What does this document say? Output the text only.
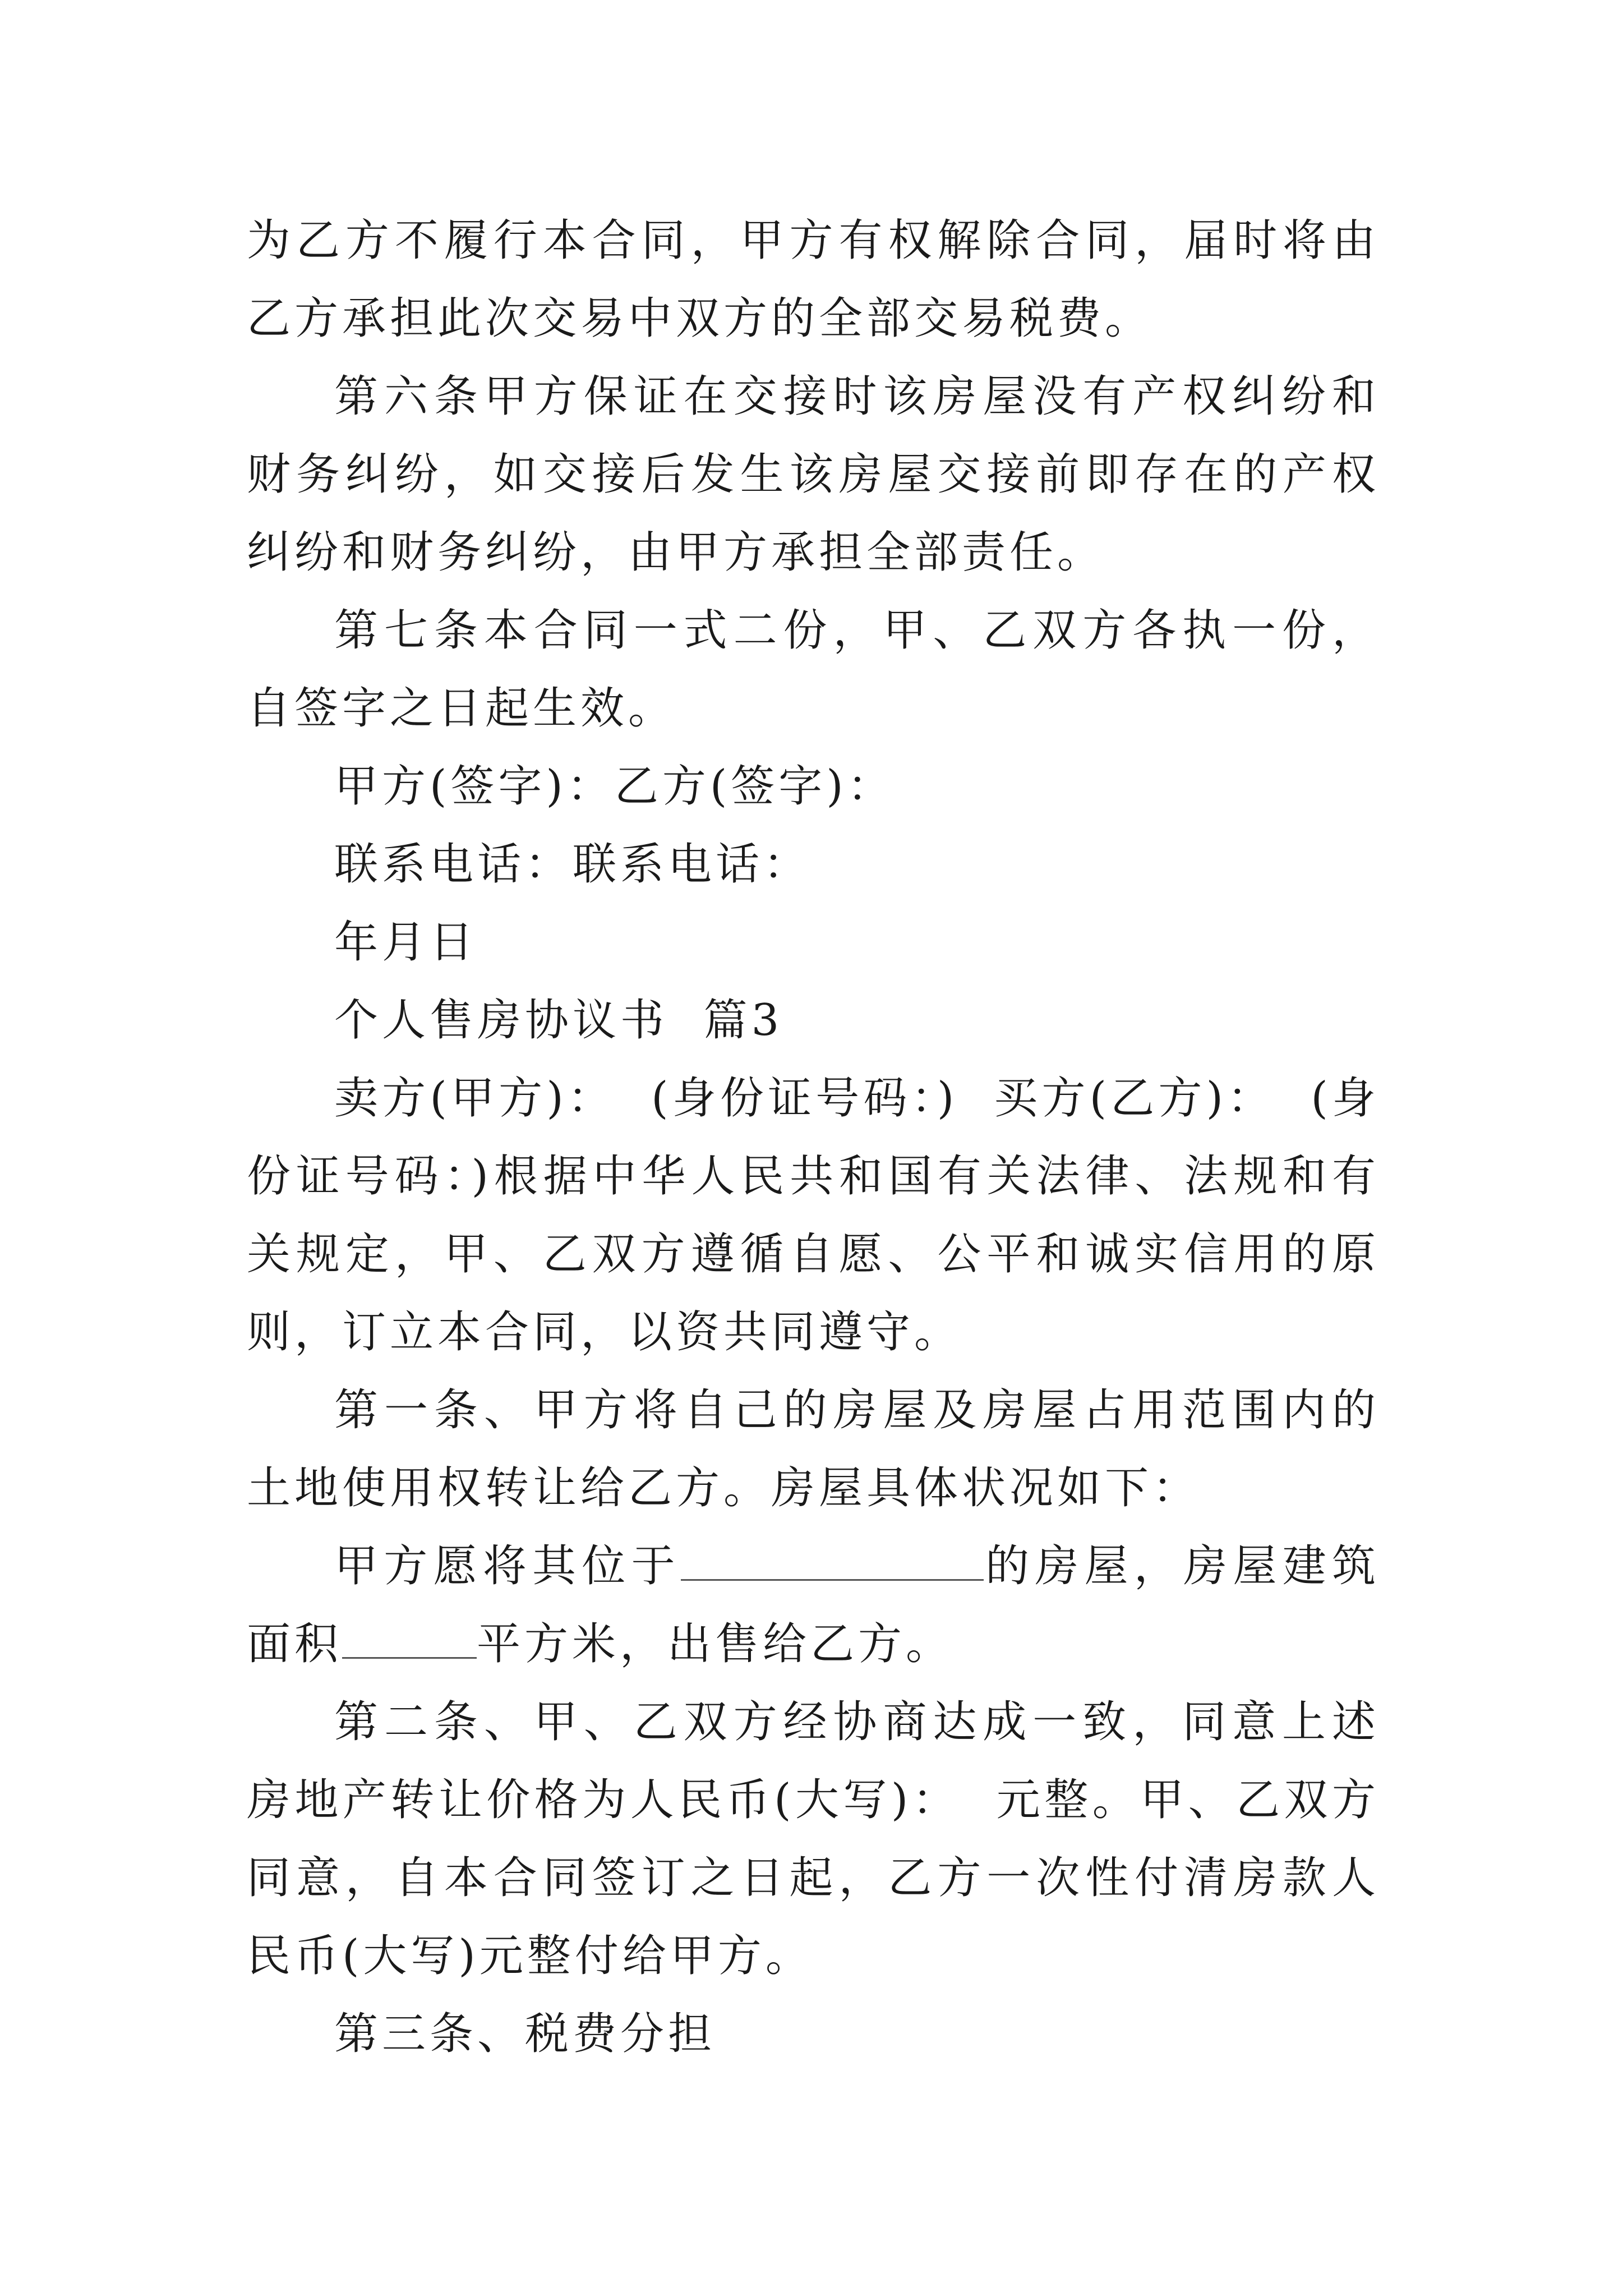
为乙方不履行本合同，甲方有权解除合同，届时将由乙方承担此次交易中双方的全部交易税费。

第六条甲方保证在交接时该房屋没有产权纠纷和财务纠纷，如交接后发生该房屋交接前即存在的产权纠纷和财务纠纷，由甲方承担全部责任。

第七条本合同一式二份，甲、乙双方各执一份，自签字之日起生效。

甲方(签字)：乙方(签字)：

联系电话：联系电话：

年月日

个人售房协议书  篇3

卖方(甲方)：  (身份证号码：)  买方(乙方)：  (身份证号码：)根据中华人民共和国有关法律、法规和有关规定，甲、乙双方遵循自愿、公平和诚实信用的原则，订立本合同，以资共同遵守。

第一条、甲方将自己的房屋及房屋占用范围内的土地使用权转让给乙方。房屋具体状况如下：

甲方愿将其位于	的房屋，房屋建筑面积	平方米，出售给乙方。

第二条、甲、乙双方经协商达成一致，同意上述房地产转让价格为人民币(大写)：  元整。甲、乙双方同意，自本合同签订之日起，乙方一次性付清房款人民币(大写)元整付给甲方。

第三条、税费分担
